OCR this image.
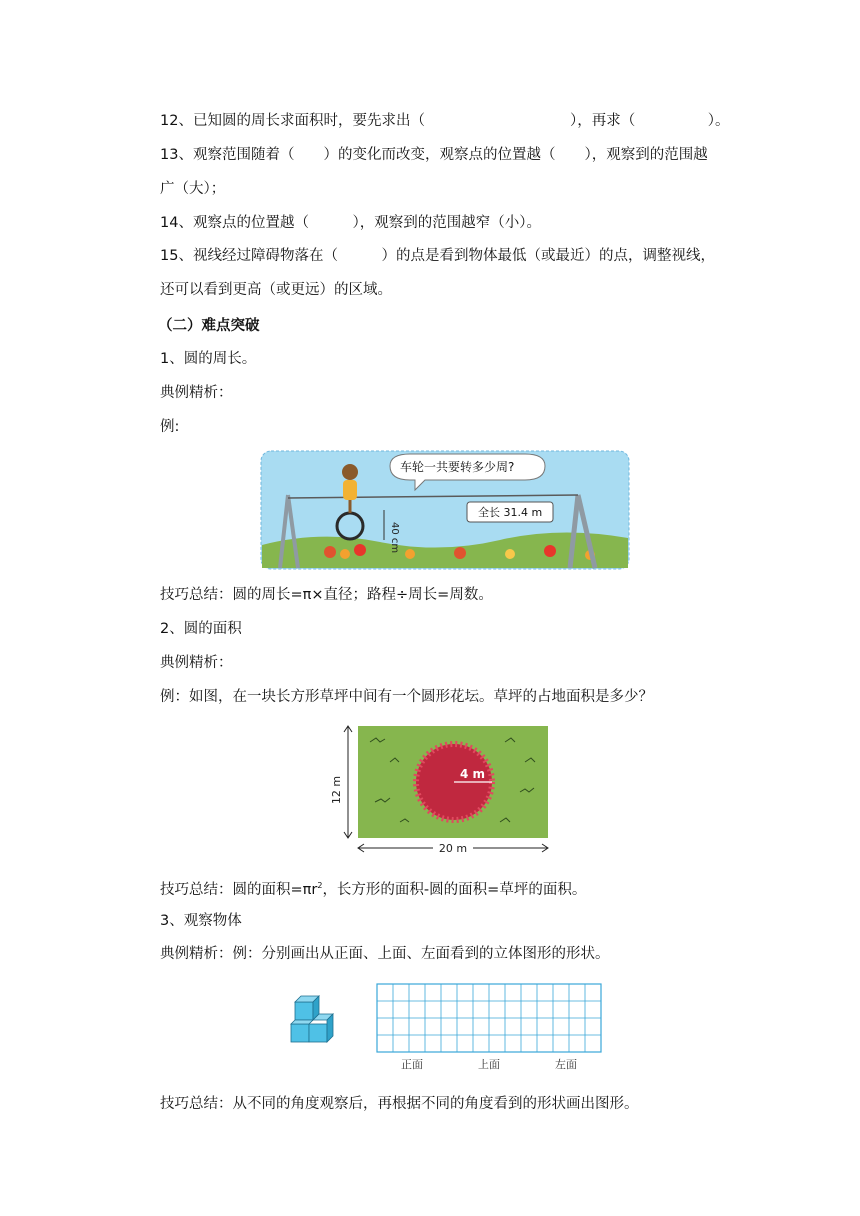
12、已知圆的周长求面积时，要先求出（　　　　　　　　　　），再求（　　　　　）。
13、观察范围随着（　　）的变化而改变，观察点的位置越（　　），观察到的范围越
广（大）；
14、观察点的位置越（　　　），观察到的范围越窄（小）。
15、视线经过障碍物落在（　　　）的点是看到物体最低（或最近）的点，调整视线，
还可以看到更高（或更远）的区域。
（二）难点突破
1、圆的周长。
典例精析：
例:
40 cm
车轮一共要转多少周?
全长 31.4 m
技巧总结：圆的周长=π×直径；路程÷周长=周数。
2、圆的面积
典例精析：
例：如图，在一块长方形草坪中间有一个圆形花坛。草坪的占地面积是多少？
4 m
12 m
20 m
技巧总结：圆的面积$=\pi r^2$，长方形的面积-圆的面积=草坪的面积。
3、观察物体
典例精析：例：分别画出从正面、上面、左面看到的立体图形的形状。
正面	上面	左面
技巧总结：从不同的角度观察后，再根据不同的角度看到的形状画出图形。
